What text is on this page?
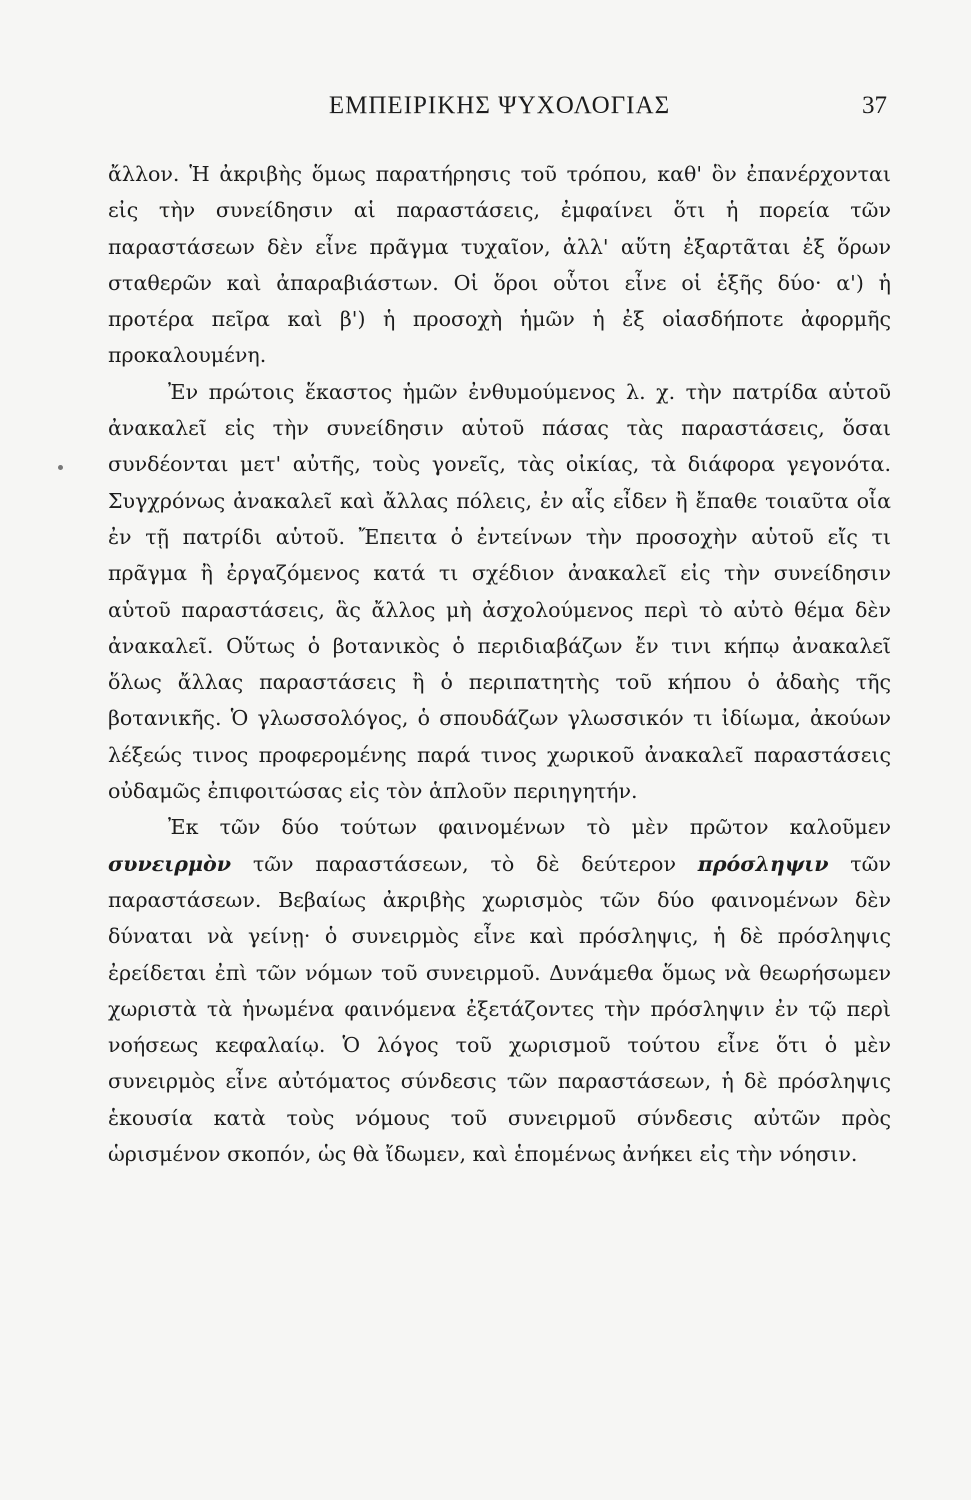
ΕΜΠΕΙΡΙΚΗΣ ΨΥΧΟΛΟΓΙΑΣ	37

ἄλλον. Ἡ ἀκριβὴς ὅμως παρατήρησις τοῦ τρόπου, καθ' ὃν ἐπανέρχονται εἰς τὴν συνείδησιν αἱ παραστάσεις, ἐμφαίνει ὅτι ἡ πορεία τῶν παραστάσεων δὲν εἶνε πρᾶγμα τυχαῖον, ἀλλ' αὕτη ἐξαρτᾶται ἐξ ὅρων σταθερῶν καὶ ἀπαραβιάστων. Οἱ ὅροι οὗτοι εἶνε οἱ ἑξῆς δύο· α') ἡ προτέρα πεῖρα καὶ β') ἡ προσοχὴ ἡμῶν ἡ ἐξ οἱασδήποτε ἀφορμῆς προκαλουμένη.

Ἐν πρώτοις ἕκαστος ἡμῶν ἐνθυμούμενος λ. χ. τὴν πατρίδα αὑτοῦ ἀνακαλεῖ εἰς τὴν συνείδησιν αὑτοῦ πάσας τὰς παραστάσεις, ὅσαι συνδέονται μετ' αὐτῆς, τοὺς γονεῖς, τὰς οἰκίας, τὰ διάφορα γεγονότα. Συγχρόνως ἀνακαλεῖ καὶ ἄλλας πόλεις, ἐν αἷς εἶδεν ἢ ἔπαθε τοιαῦτα οἷα ἐν τῇ πατρίδι αὑτοῦ. Ἔπειτα ὁ ἐντείνων τὴν προσοχὴν αὑτοῦ εἴς τι πρᾶγμα ἢ ἐργαζόμενος κατά τι σχέδιον ἀνακαλεῖ εἰς τὴν συνείδησιν αὑτοῦ παραστάσεις, ἃς ἄλλος μὴ ἀσχολούμενος περὶ τὸ αὐτὸ θέμα δὲν ἀνακαλεῖ. Οὕτως ὁ βοτανικὸς ὁ περιδιαβάζων ἔν τινι κήπῳ ἀνακαλεῖ ὅλως ἄλλας παραστάσεις ἢ ὁ περιπατητὴς τοῦ κήπου ὁ ἀδαὴς τῆς βοτανικῆς. Ὁ γλωσσολόγος, ὁ σπουδάζων γλωσσικόν τι ἰδίωμα, ἀκούων λέξεώς τινος προφερομένης παρά τινος χωρικοῦ ἀνακαλεῖ παραστάσεις οὐδαμῶς ἐπιφοιτώσας εἰς τὸν ἁπλοῦν περιηγητήν.

Ἐκ τῶν δύο τούτων φαινομένων τὸ μὲν πρῶτον καλοῦμεν συνειρμὸν τῶν παραστάσεων, τὸ δὲ δεύτερον πρόσληψιν τῶν παραστάσεων. Βεβαίως ἀκριβὴς χωρισμὸς τῶν δύο φαινομένων δὲν δύναται νὰ γείνῃ· ὁ συνειρμὸς εἶνε καὶ πρόσληψις, ἡ δὲ πρόσληψις ἐρείδεται ἐπὶ τῶν νόμων τοῦ συνειρμοῦ. Δυνάμεθα ὅμως νὰ θεωρήσωμεν χωριστὰ τὰ ἡνωμένα φαινόμενα ἐξετάζοντες τὴν πρόσληψιν ἐν τῷ περὶ νοήσεως κεφαλαίῳ. Ὁ λόγος τοῦ χωρισμοῦ τούτου εἶνε ὅτι ὁ μὲν συνειρμὸς εἶνε αὐτόματος σύνδεσις τῶν παραστάσεων, ἡ δὲ πρόσληψις ἑκουσία κατὰ τοὺς νόμους τοῦ συνειρμοῦ σύνδεσις αὐτῶν πρὸς ὡρισμένον σκοπόν, ὡς θὰ ἴδωμεν, καὶ ἑπομένως ἀνήκει εἰς τὴν νόησιν.
